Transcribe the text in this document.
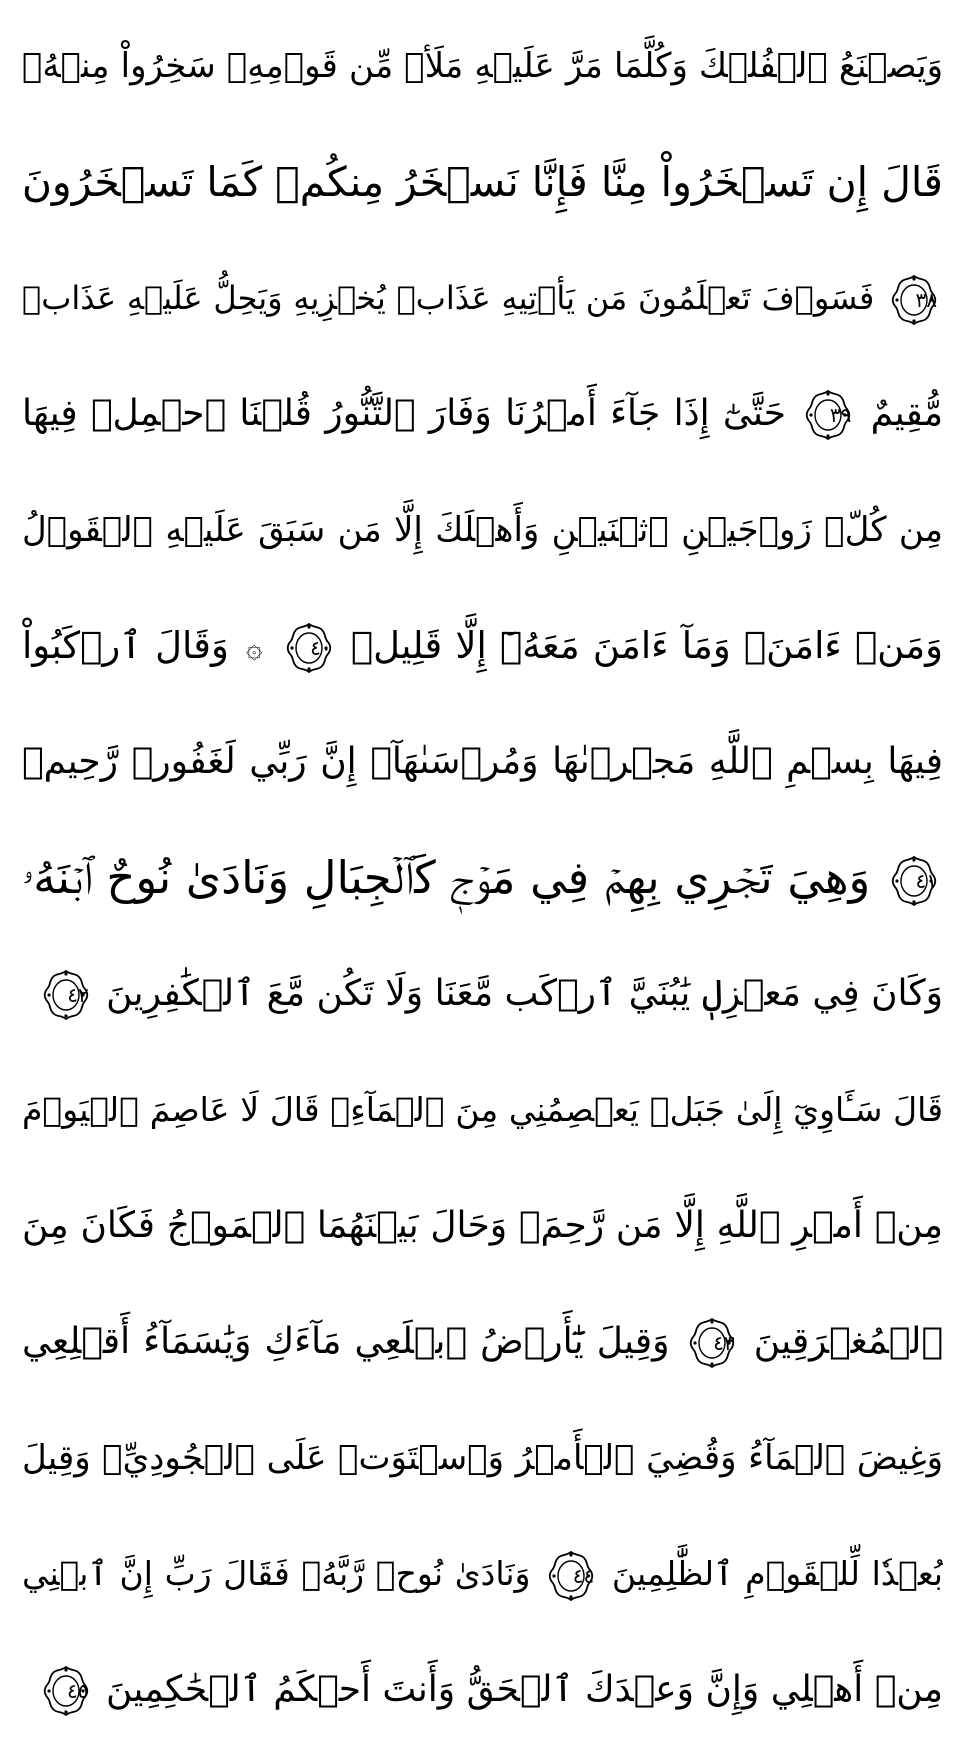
وَيَصۡنَعُ ٱلۡفُلۡكَ وَكُلَّمَا مَرَّ عَلَيۡهِ مَلَأٞ مِّن قَوۡمِهِۦ سَخِرُواْ مِنۡهُۚ
قَالَ إِن تَسۡخَرُواْ مِنَّا فَإِنَّا نَسۡخَرُ مِنكُمۡ كَمَا تَسۡخَرُونَ
٣٨
فَسَوۡفَ تَعۡلَمُونَ مَن يَأۡتِيهِ عَذَابٞ يُخۡزِيهِ وَيَحِلُّ عَلَيۡهِ عَذَابٞ
مُّقِيمٌ
٣٩
حَتَّىٰٓ إِذَا جَآءَ أَمۡرُنَا وَفَارَ ٱلتَّنُّورُ قُلۡنَا ٱحۡمِلۡ فِيهَا
مِن كُلّٖ زَوۡجَيۡنِ ٱثۡنَيۡنِ وَأَهۡلَكَ إِلَّا مَن سَبَقَ عَلَيۡهِ ٱلۡقَوۡلُ
وَمَنۡ ءَامَنَۚ وَمَآ ءَامَنَ مَعَهُۥٓ إِلَّا قَلِيلٞ
٤٠
۞ وَقَالَ ٱرۡكَبُواْ
فِيهَا بِسۡمِ ٱللَّهِ مَجۡرٜىٰهَا وَمُرۡسَىٰهَآۚ إِنَّ رَبِّي لَغَفُورٞ رَّحِيمٞ
٤١
وَهِيَ تَجۡرِي بِهِمۡ فِي مَوۡجٖ كَٱلۡجِبَالِ وَنَادَىٰ نُوحٌ ٱبۡنَهُۥ
وَكَانَ فِي مَعۡزِلٖ يَٰبُنَيَّ ٱرۡكَب مَّعَنَا وَلَا تَكُن مَّعَ ٱلۡكَٰفِرِينَ
٤٢
قَالَ سَـَٔاوِيٓ إِلَىٰ جَبَلٖ يَعۡصِمُنِي مِنَ ٱلۡمَآءِۚ قَالَ لَا عَاصِمَ ٱلۡيَوۡمَ
مِنۡ أَمۡرِ ٱللَّهِ إِلَّا مَن رَّحِمَۚ وَحَالَ بَيۡنَهُمَا ٱلۡمَوۡجُ فَكَانَ مِنَ
ٱلۡمُغۡرَقِينَ
٤٣
وَقِيلَ يَٰٓأَرۡضُ ٱبۡلَعِي مَآءَكِ وَيَٰسَمَآءُ أَقۡلِعِي
وَغِيضَ ٱلۡمَآءُ وَقُضِيَ ٱلۡأَمۡرُ وَٱسۡتَوَتۡ عَلَى ٱلۡجُودِيِّۖ وَقِيلَ
بُعۡدٗا لِّلۡقَوۡمِ ٱلظَّٰلِمِينَ
٤٤
وَنَادَىٰ نُوحٞ رَّبَّهُۥ فَقَالَ رَبِّ إِنَّ ٱبۡنِي
مِنۡ أَهۡلِي وَإِنَّ وَعۡدَكَ ٱلۡحَقُّ وَأَنتَ أَحۡكَمُ ٱلۡحَٰكِمِينَ
٤٥
